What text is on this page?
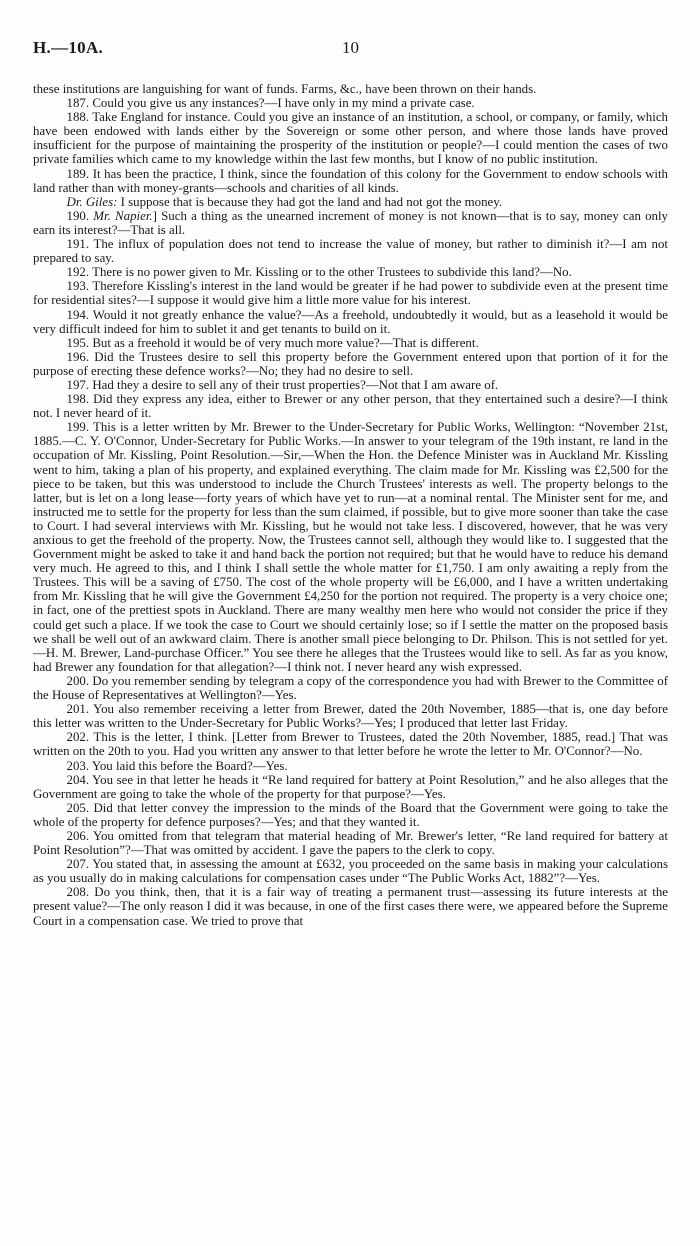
H.—10A.	10

these institutions are languishing for want of funds. Farms, &c., have been thrown on their hands.

187. Could you give us any instances?—I have only in my mind a private case.

188. Take England for instance. Could you give an instance of an institution, a school, or company, or family, which have been endowed with lands either by the Sovereign or some other person, and where those lands have proved insufficient for the purpose of maintaining the prosperity of the institution or people?—I could mention the cases of two private families which came to my knowledge within the last few months, but I know of no public institution.

189. It has been the practice, I think, since the foundation of this colony for the Government to endow schools with land rather than with money-grants—schools and charities of all kinds.

Dr. Giles: I suppose that is because they had got the land and had not got the money.

190. Mr. Napier.] Such a thing as the unearned increment of money is not known—that is to say, money can only earn its interest?—That is all.

191. The influx of population does not tend to increase the value of money, but rather to diminish it?—I am not prepared to say.

192. There is no power given to Mr. Kissling or to the other Trustees to subdivide this land?—No.

193. Therefore Kissling's interest in the land would be greater if he had power to subdivide even at the present time for residential sites?—I suppose it would give him a little more value for his interest.

194. Would it not greatly enhance the value?—As a freehold, undoubtedly it would, but as a leasehold it would be very difficult indeed for him to sublet it and get tenants to build on it.

195. But as a freehold it would be of very much more value?—That is different.

196. Did the Trustees desire to sell this property before the Government entered upon that portion of it for the purpose of erecting these defence works?—No; they had no desire to sell.

197. Had they a desire to sell any of their trust properties?—Not that I am aware of.

198. Did they express any idea, either to Brewer or any other person, that they entertained such a desire?—I think not. I never heard of it.

199. This is a letter written by Mr. Brewer to the Under-Secretary for Public Works, Wellington: “November 21st, 1885.—C. Y. O'Connor, Under-Secretary for Public Works.—In answer to your telegram of the 19th instant, re land in the occupation of Mr. Kissling, Point Resolution.—Sir,—When the Hon. the Defence Minister was in Auckland Mr. Kissling went to him, taking a plan of his property, and explained everything. The claim made for Mr. Kissling was £2,500 for the piece to be taken, but this was understood to include the Church Trustees' interests as well. The property belongs to the latter, but is let on a long lease—forty years of which have yet to run—at a nominal rental. The Minister sent for me, and instructed me to settle for the property for less than the sum claimed, if possible, but to give more sooner than take the case to Court. I had several interviews with Mr. Kissling, but he would not take less. I discovered, however, that he was very anxious to get the freehold of the property. Now, the Trustees cannot sell, although they would like to. I suggested that the Government might be asked to take it and hand back the portion not required; but that he would have to reduce his demand very much. He agreed to this, and I think I shall settle the whole matter for £1,750. I am only awaiting a reply from the Trustees. This will be a saving of £750. The cost of the whole property will be £6,000, and I have a written undertaking from Mr. Kissling that he will give the Government £4,250 for the portion not required. The property is a very choice one; in fact, one of the prettiest spots in Auckland. There are many wealthy men here who would not consider the price if they could get such a place. If we took the case to Court we should certainly lose; so if I settle the matter on the proposed basis we shall be well out of an awkward claim. There is another small piece belonging to Dr. Philson. This is not settled for yet.—H. M. Brewer, Land-purchase Officer.” You see there he alleges that the Trustees would like to sell. As far as you know, had Brewer any foundation for that allegation?—I think not. I never heard any wish expressed.

200. Do you remember sending by telegram a copy of the correspondence you had with Brewer to the Committee of the House of Representatives at Wellington?—Yes.

201. You also remember receiving a letter from Brewer, dated the 20th November, 1885—that is, one day before this letter was written to the Under-Secretary for Public Works?—Yes; I produced that letter last Friday.

202. This is the letter, I think. [Letter from Brewer to Trustees, dated the 20th November, 1885, read.] That was written on the 20th to you. Had you written any answer to that letter before he wrote the letter to Mr. O'Connor?—No.

203. You laid this before the Board?—Yes.

204. You see in that letter he heads it “Re land required for battery at Point Resolution,” and he also alleges that the Government are going to take the whole of the property for that purpose?—Yes.

205. Did that letter convey the impression to the minds of the Board that the Government were going to take the whole of the property for defence purposes?—Yes; and that they wanted it.

206. You omitted from that telegram that material heading of Mr. Brewer's letter, “Re land required for battery at Point Resolution”?—That was omitted by accident. I gave the papers to the clerk to copy.

207. You stated that, in assessing the amount at £632, you proceeded on the same basis in making your calculations as you usually do in making calculations for compensation cases under “The Public Works Act, 1882”?—Yes.

208. Do you think, then, that it is a fair way of treating a permanent trust—assessing its future interests at the present value?—The only reason I did it was because, in one of the first cases there were, we appeared before the Supreme Court in a compensation case. We tried to prove that
